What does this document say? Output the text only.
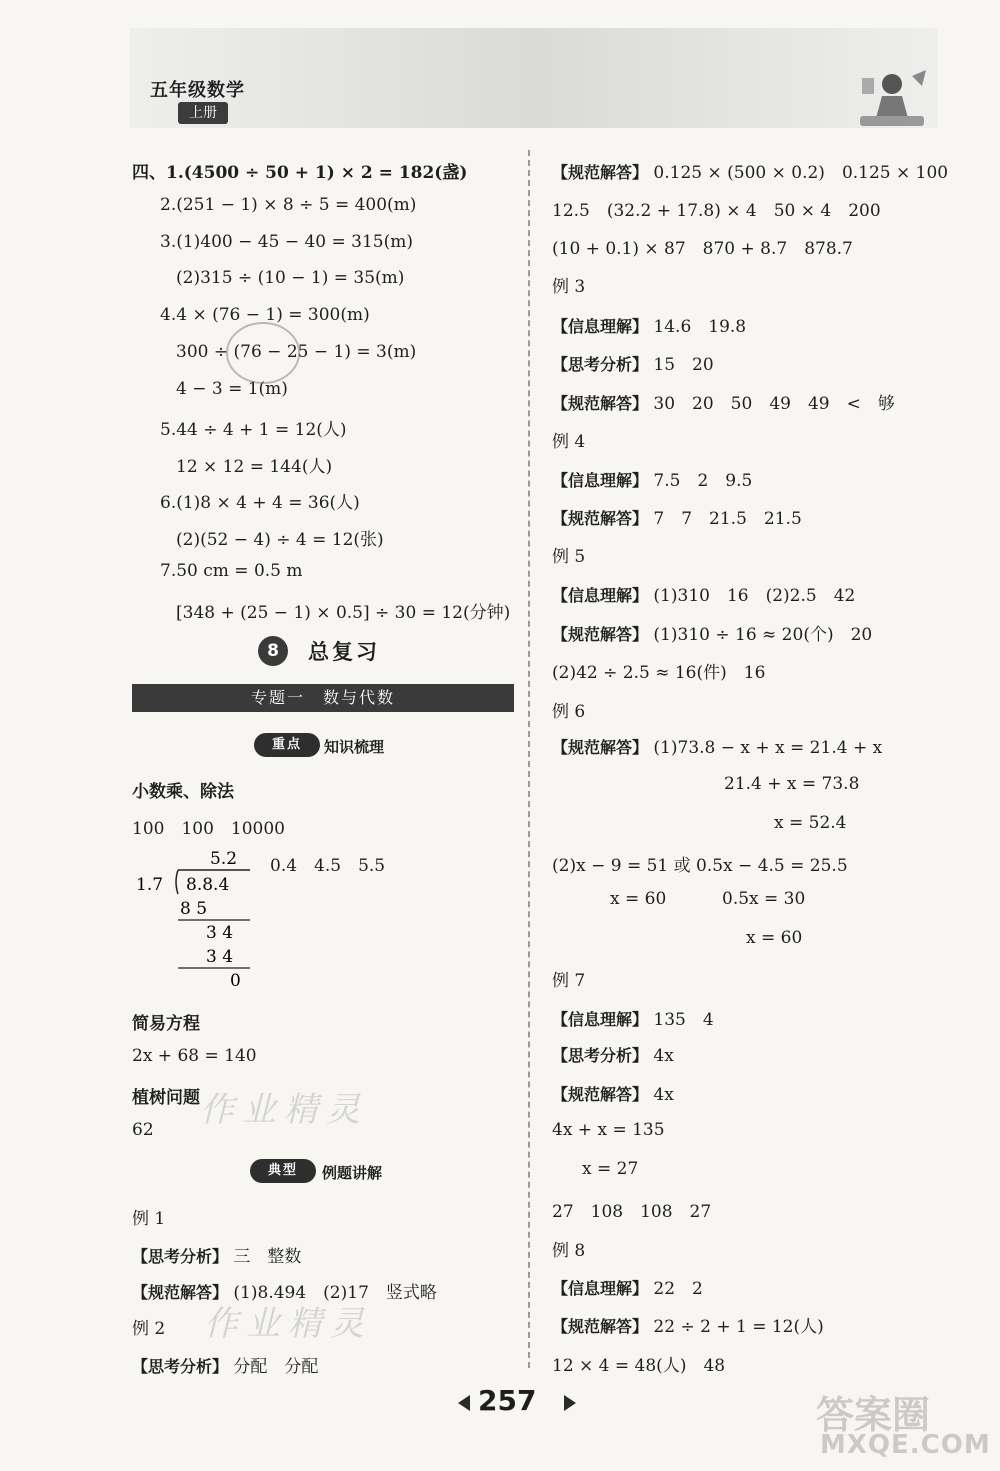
五年级数学
上册
四、1.(4500 ÷ 50 + 1) × 2 = 182(盏)
2.(251 − 1) × 8 ÷ 5 = 400(m)
3.(1)400 − 45 − 40 = 315(m)
(2)315 ÷ (10 − 1) = 35(m)
4.4 × (76 − 1) = 300(m)
300 ÷ (76 − 25 − 1) = 3(m)
4 − 3 = 1(m)
5.44 ÷ 4 + 1 = 12(人)
12 × 12 = 144(人)
6.(1)8 × 4 + 4 = 36(人)
(2)(52 − 4) ÷ 4 = 12(张)
7.50 cm = 0.5 m
[348 + (25 − 1) × 0.5] ÷ 30 = 12(分钟)
8	总复习
专题一　数与代数
重点	知识梳理
小数乘、除法
100　100　10000
0.4　4.5　5.5
5.2
1.7 8.8.4
8 5
3 4
3 4
0
简易方程
2x + 68 = 140
植树问题
62 作业精灵
典型	例题讲解
例 1
【思考分析】 三　整数
【规范解答】 (1)8.494　(2)17　竖式略
例 2
【思考分析】 分配　分配
作业精灵
【规范解答】 0.125 × (500 × 0.2)　0.125 × 100
12.5　(32.2 + 17.8) × 4　50 × 4　200
(10 + 0.1) × 87　870 + 8.7　878.7
例 3
【信息理解】 14.6　19.8
【思考分析】 15　20
【规范解答】 30　20　50　49　49　<　够
例 4
【信息理解】 7.5　2　9.5
【规范解答】 7　7　21.5　21.5
例 5
【信息理解】 (1)310　16　(2)2.5　42
【规范解答】 (1)310 ÷ 16 ≈ 20(个)　20
(2)42 ÷ 2.5 ≈ 16(件)　16
例 6
【规范解答】 (1)73.8 − x + x = 21.4 + x
21.4 + x = 73.8
x = 52.4
(2)x − 9 = 51 或 0.5x − 4.5 = 25.5
x = 60	0.5x = 30
x = 60
例 7
【信息理解】 135　4
【思考分析】 4x
【规范解答】 4x
4x + x = 135
x = 27
27　108　108　27
例 8
【信息理解】 22　2
【规范解答】 22 ÷ 2 + 1 = 12(人)
12 × 4 = 48(人)　48
257	答案圈
MXQE.COM
